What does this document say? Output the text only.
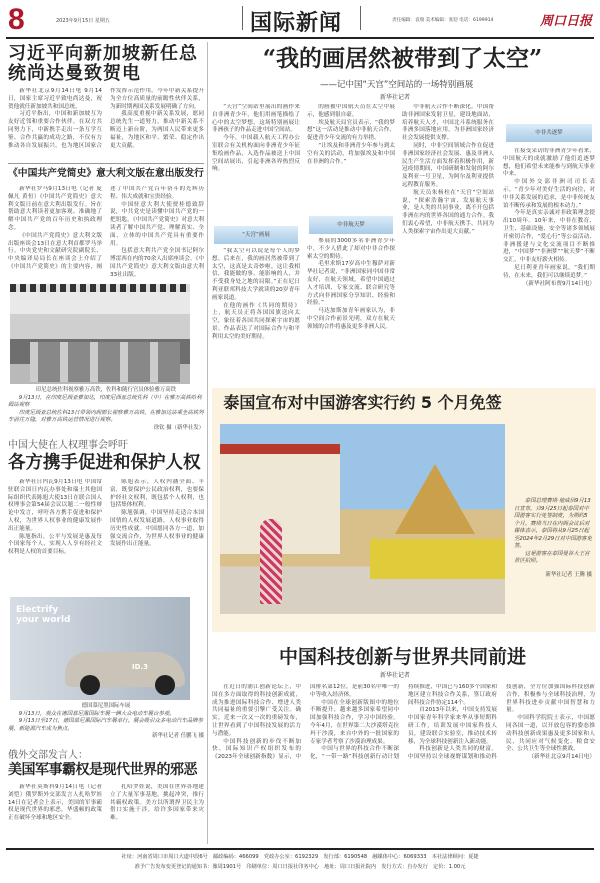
8	2023年9月15日 星期五	国际新闻	责任编辑：袁瑞 美术编辑：张迎 电话：6199914	周口日报
习近平向新加坡新任总统尚达曼致贺电

新华社北京9月14日电 9月14日，国家主席习近平致电尚达曼，祝贺他就任新加坡共和国总统。

习近平指出，中国和新加坡互为友好近邻和重要合作伙伴。在双方共同努力下，中新携手走出一条互学互鉴、合作共赢的成功之路，不仅有力推动各自发展振兴，也为地区国家合作发挥示范作用。今年中新关系提升为全方位高质量的前瞻性伙伴关系，为新时期两国关系发展明确了方向。

我高度重视中新关系发展，愿同总统先生一道努力，推动中新关系不断迈上新台阶，为两国人民带来更多福祉，为地区和平、繁荣、稳定作出更大贡献。

《中国共产党简史》意大利文版在意出版发行

新华社罗马9月13日电（记者 庞佩凡 黄恒）《中国共产党简史》意大利文版日前在意大利出版发行。旨在帮助意大利读者更加客观、准确地了解中国共产党的百年历史和执政理念。

《中国共产党简史》意大利文版出版座谈会13日在意大利首都罗马举行。中央党史和文献研究院副院长、中央编译局局长在座谈会上介绍了《中国共产党简史》的主要内容，阐述了中国共产党百年奋斗的光辉历程、伟大成就和宝贵经验。

中国驻意大利大使贾桂德致辞说，中共党史是读懂中国共产党的一把钥匙，《中国共产党简史》对意大利读者了解中国共产党、理解真实、全面、立体的中国共产党具有重要作用。

包括意大利共产党全国书记阿尔博雷西在内的70余人出席座谈会。《中国共产党简史》意大利文版由意大利33社出版。

印尼总统佐科视察雅万高铁，佐科和随行官员体验雅万高铁
9月13日，在印度尼西亚雅加达，印度尼西亚总统佐科（中）在雅万高铁哈利姆站视察
印度尼西亚总统佐科13日带领内阁部长视察雅万高铁，在雅加达站乘坐高铁列车前往万隆，对雅万高铁运营情况进行视察。
徐钦 摄（新华社发）
中国大使在人权理事会呼吁
各方携手促进和保护人权

新华社日内瓦9月13日电 中国常驻联合国日内瓦办事处和瑞士其他国际组织代表陈旭大使13日在联合国人权理事会第54届会议以题二一般性辩论中发言，呼吁各方携手促进和保护人权，为世界人权事业的健康发展作出正能量。

陈旭指出，公平与发展是惠及每个国家每个人，实现人人享有经社文权利是人权的首要目标。

陈旭表示，人权内涵全面、丰富，既要保护公民政治权利，也要保护经社文权利，既包括个人权利，也包括集体权利。

陈旭强调，中国坚持走适合本国国情的人权发展道路，人权事业取得历史性成就。中国愿同各方一道，加强交流合作，为世界人权事业的健康发展作出正能量。

Electrify your world
ID.3
德国慕尼黑国际车展
9月13日，观众在德国慕尼黑国际车展一辆大众电动车展台参观。
9月13日至17日，德国慕尼黑国际汽车展举行。展会吸引众多电动汽车品牌参展，新能源汽车成为焦点。
新华社记者 任鹏飞 摄
俄外交部发言人：
美国军事霸权是现代世界的邪恶

新华社莫斯科9月14日电（记者 刘恺）俄罗斯外交部发言人扎哈罗娃14日在记者会上表示，美国的军事霸权是现代世界的邪恶，华盛顿的政策正在破坏全球和地区安全。

扎哈罗娃说，美国在世界各地建立了大量军事基地，挑起冲突，推行其霸权政策。美方以所谓捍卫民主为借口实施干涉，给许多国家带来灾难。

“我的画居然被带到了太空”
——记中国“天宫”空间站的一场特别画展
新华社记者

“天宫”空间站里展出的画作来自非洲青少年，他们用画笔描绘了心中的太空梦想，这场特别画展让非洲孩子的作品走进中国空间站。

今年，中国载人航天工程办公室联合有关机构面向非洲青少年征集绘画作品，入选作品被送上中国空间站展出，引起非洲各界热烈反响。

“天宫”画展

“我太空可以说是每个人的梦想。后来在，我的画居然被带到了太空，这真是太奇妙啦。这让我相信，我能做的事、能影响的人，并不受我身处之地的局限。”正在尼日利亚联邦科技大学就读的20岁青年画家说道。

在他的画作《共同的期待》上，航天员正将各国国旗送向太空，象征着各国共同探索宇宙的愿景。作品表达了对国际合作与和平利用太空的美好期待。

的画被中国航天员在太空中展示，他感到很自豪。

埃及航天局官员表示，“我的梦想”这一活动是推动中非航天合作、促进青少年交流的有力举措。

“让埃及和非洲青少年参与到太空有关的活动，将加强埃及和中国在非洲的合作。”

中非航天梦

参展的3000多名非洲青少年中，不少人借此了却对中非合作探索太空的期待。

毛里求斯17岁高中生穆萨对新华社记者说，“非洲国家同中国非常友好，在航天领域，希望中国通过人才培训、专家交流、联合研究等方式向非洲国家分享知识、经验和经验。”

马达加斯加青年画家认为，非中空间合作前景光明，双方在航天领域的合作将惠及更多非洲人民。

中非航天合作不断深化。中国帮助非洲国家发射卫星，建设地面站，培养航天人才，中国北斗系统服务在非洲多国落地应用，为非洲国家经济社会发展提供支撑。

同时，中非空间领域合作在促进非洲国家经济社会发展、惠及非洲人民生产生活方面发挥着积极作用，新冠疫情期间，中国研制和发射的阿尔及利亚一号卫星，为阿尔及利亚提供远程教育服务。

航天员朱杨柱在“天宫”空间站说，“探索浩瀚宇宙、发展航天事业，是人类的共同事业，离不开包括非洲在内的世界各国的通力合作。我们衷心希望，中非航天携手，共同为人类探索宇宙作出更大贡献。”

中非共逐梦

在接受采访的非洲青少年看来，中国航天的成就激励了他们追逐梦想，他们希望未来能参与到航天事业中来。

中国外交部非洲司司长表示，“青少年对美好生活的向往，对中非关系发展的追求，是中非传统友谊不断传承和发展的根本动力。”

今年是真实亲诚对非政策理念提出10周年。10年来，中非在教育、卫生、基础设施、安全等诸多领域展开密切合作，“爱心行”等公益活动、非洲援建与文化交流项目不断推进，“中国梦”“非洲梦”“航天梦”不断交汇，中非友好薪火相传。

尼日利亚青年画家说，“我们期待，在未来，我们可以继续追梦。”

（新华社阿布贾9月14日电）

泰国宣布对中国游客实行约 5 个月免签
泰国总理赛塔·他威信9月13日宣布，自9月25日起泰国对中国游客实行免签制度，为期约5个月。赛塔当日在内阁会议后对媒体表示，泰国将从9月25日起至2024年2月29日对中国游客免签。
这是游客在泰国曼谷大王宫景区拍照。
新华社记者 王腾 摄
中国科技创新与世界共同前进
新华社记者

在近日的浦江创新论坛上，中国在多方面取得的科技创新成就，成为推进国际科技合作、增进人类共同福祉的重要引擎广受关注。确实，近来一次又一次的重磅发布，让世界看到了中国科技发展的活力与潜能。

中国科技创新的步伐不断加快，国际知识产权组织发布的《2023年全球创新指数》显示，中国排名第12位，是前30名中唯一的中等收入经济体。

中国在全球创新版图中的地位不断提升，越来越多国家希望同中国加强科技合作，学习中国经验。今年4月，在世界第二大沙漠塔克拉玛干沙漠，来自中外的一批国家的专家学者考察了沙漠治理成果。

中国与世界的科技合作不断深化，“一带一路”科技创新行动计划持续推进，中国已与160多个国家和地区建立科技合作关系，签订政府间科技合作协定114个。

自2013年以来，中国支持发展中国家青年科学家来华从事短期科研工作，培训发展中国家科技人员，建设联合实验室，推动技术转移，为全球科技创新注入新动能。

科技创新是人类共同的财富。中国坚持以全球视野谋划和推动科技创新，全方位加强国际科技创新合作，积极参与全球科技治理，为世界科技进步贡献中国智慧和力量。

中国科学院院士表示，中国愿同各国一道，以开放包容的姿态推动科技创新成果惠及更多国家和人民，共同应对气候变化、粮食安全、公共卫生等全球性挑战。

（新华社北京9月14日电）

社址：河南省周口市周口大道中段6号　邮政编码：466099　党政办公室：6192329　发行部：6190548　融媒体中心：6069333　本社法律顾问：夏捷
准予广告发布变更登记的通知书：豫周1901号　印刷单位：周口日报社印务中心　地址：周口日报社院内　发行方式：自办发行　定价：1.00元
